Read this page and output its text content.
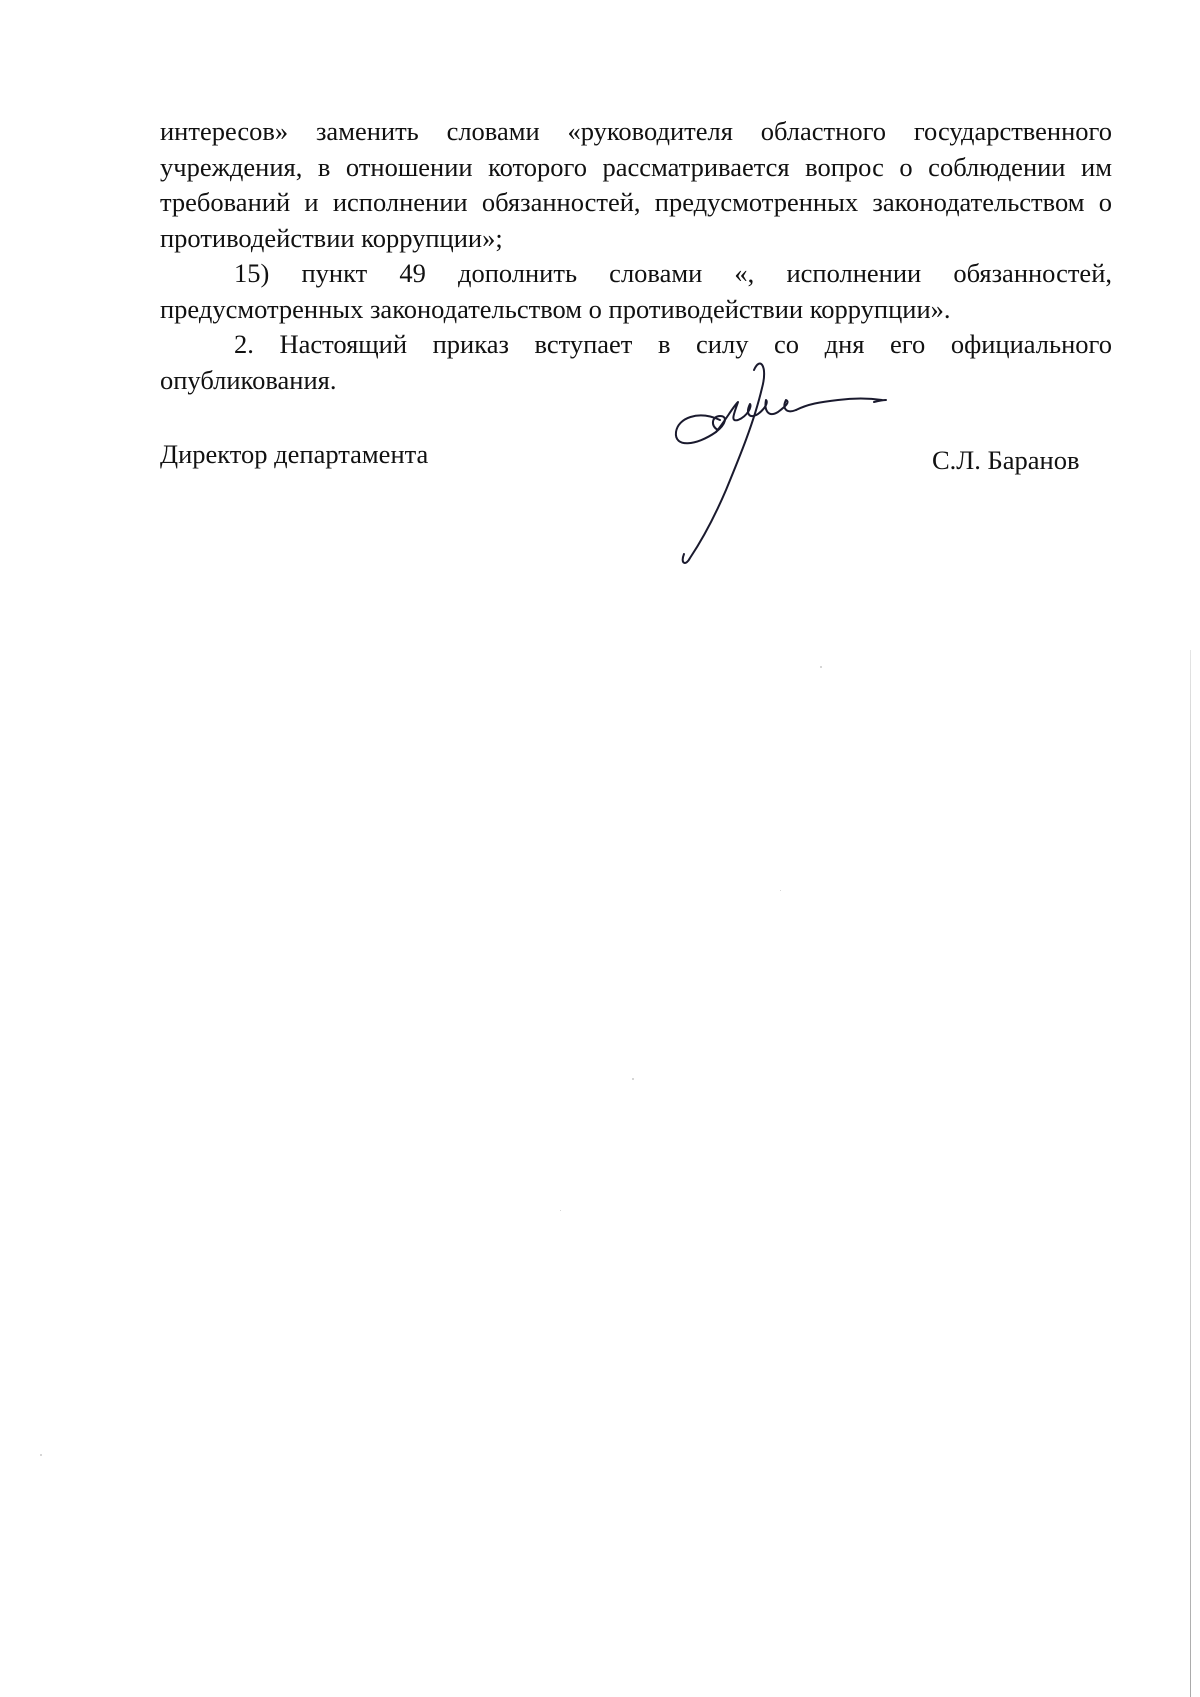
интересов» заменить словами «руководителя областного государственного учреждения, в отношении которого рассматривается вопрос о соблюдении им требований и исполнении обязанностей, предусмотренных законодательством о противодействии коррупции»;

15) пункт 49 дополнить словами «, исполнении обязанностей, предусмотренных законодательством о противодействии коррупции».

2. Настоящий приказ вступает в силу со дня его официального опубликования.

Директор департамента	С.Л. Баранов
